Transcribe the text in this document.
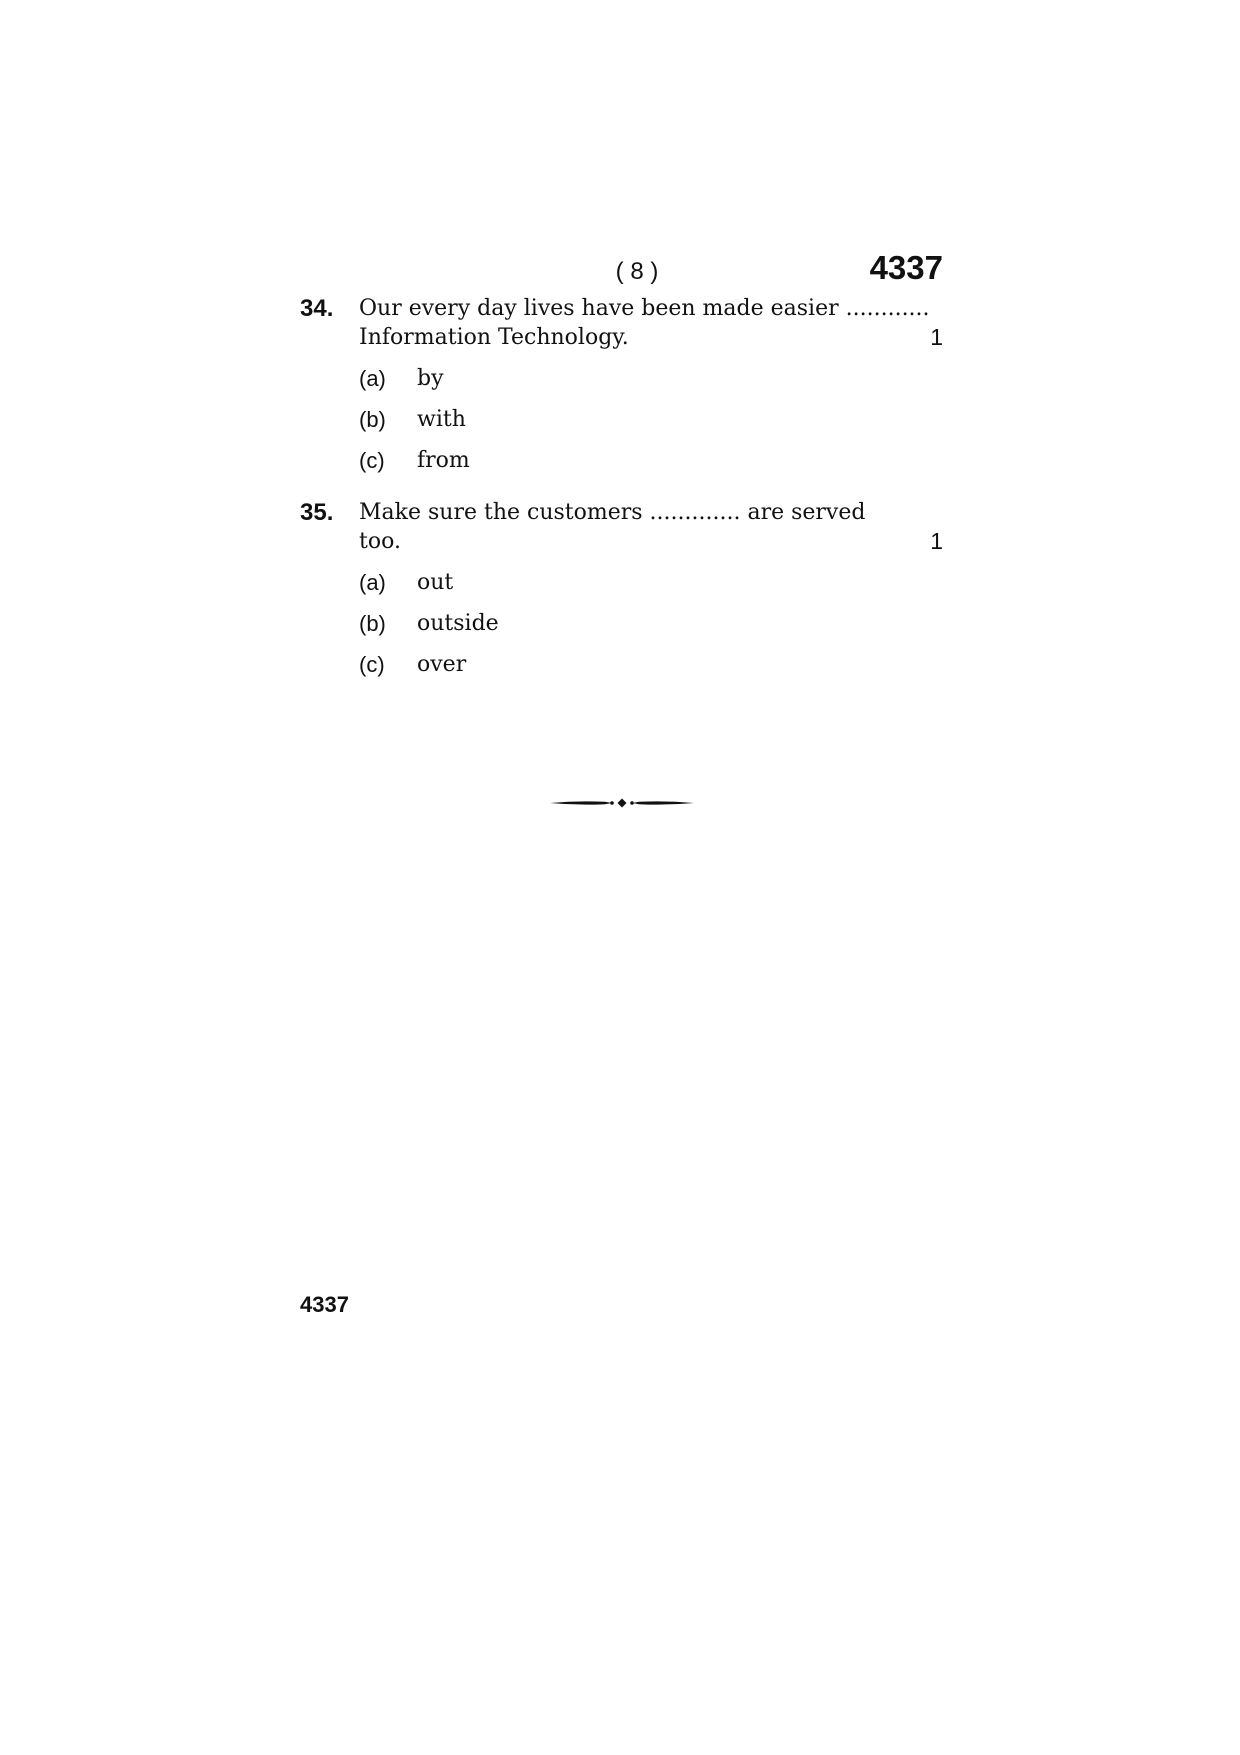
( 8 )	4337
34. Our every day lives have been made easier ............
Information Technology.	1
(a)	by
(b)	with
(c)	from
35. Make sure the customers ............. are served
too.	1
(a)	out
(b)	outside
(c)	over
4337
